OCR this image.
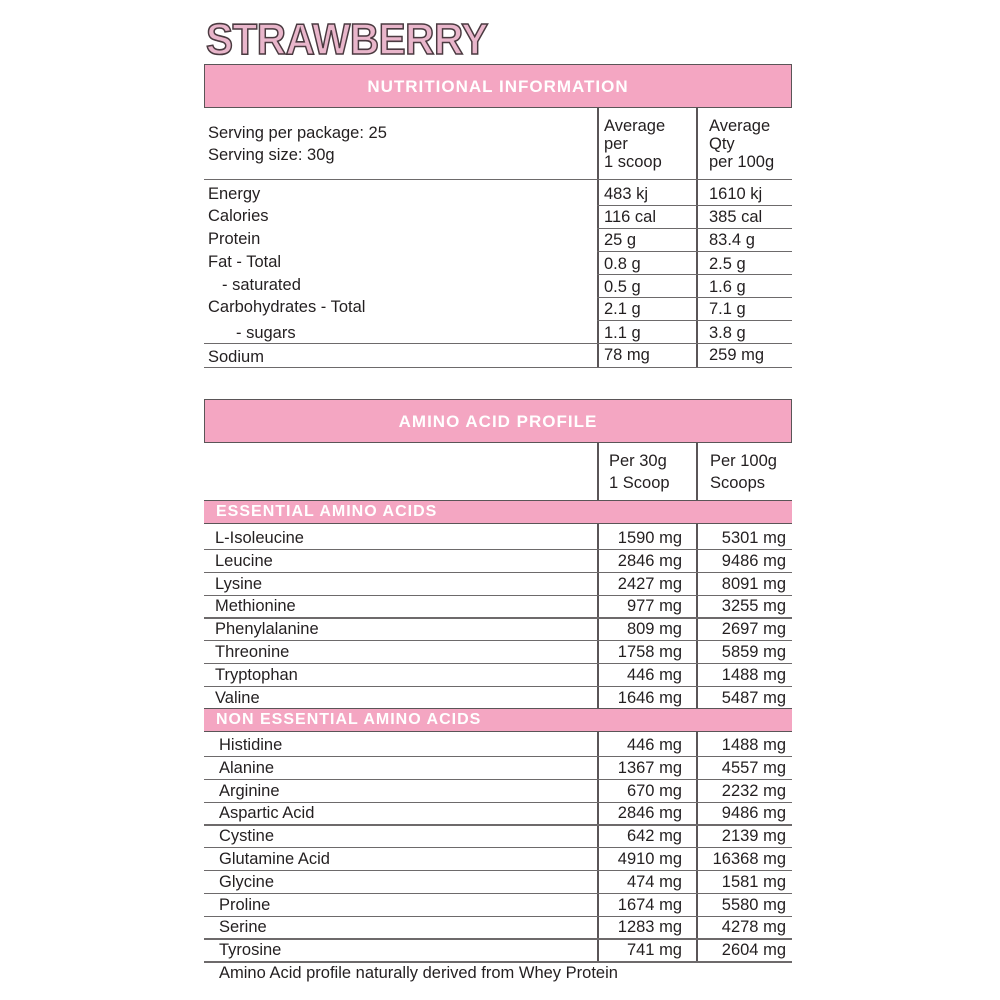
STRAWBERRY
NUTRITIONAL INFORMATION
Serving per package: 25
Serving size: 30g
Average
per
1 scoop
Average
Qty
per 100g
Energy	483 kj	1610 kj
Calories	116 cal	385 cal
Protein	25 g	83.4 g
Fat - Total	0.8 g	2.5 g
- saturated	0.5 g	1.6 g
Carbohydrates - Total	2.1 g	7.1 g
- sugars	1.1 g	3.8 g
Sodium	78 mg	259 mg
AMINO ACID PROFILE
Per 30g
1 Scoop
Per 100g
Scoops
ESSENTIAL AMINO ACIDS
L-Isoleucine	1590 mg 5301 mg
Leucine	2846 mg 9486 mg
Lysine	2427 mg 8091 mg
Methionine	977 mg 3255 mg
Phenylalanine	809 mg 2697 mg
Threonine	1758 mg 5859 mg
Tryptophan	446 mg 1488 mg
Valine	1646 mg 5487 mg
NON ESSENTIAL AMINO ACIDS
Histidine	446 mg 1488 mg
Alanine	1367 mg 4557 mg
Arginine	670 mg 2232 mg
Aspartic Acid	2846 mg 9486 mg
Cystine	642 mg 2139 mg
Glutamine Acid	4910 mg 16368 mg
Glycine	474 mg 1581 mg
Proline	1674 mg 5580 mg
Serine	1283 mg 4278 mg
Tyrosine	741 mg 2604 mg
Amino Acid profile naturally derived from Whey Protein
